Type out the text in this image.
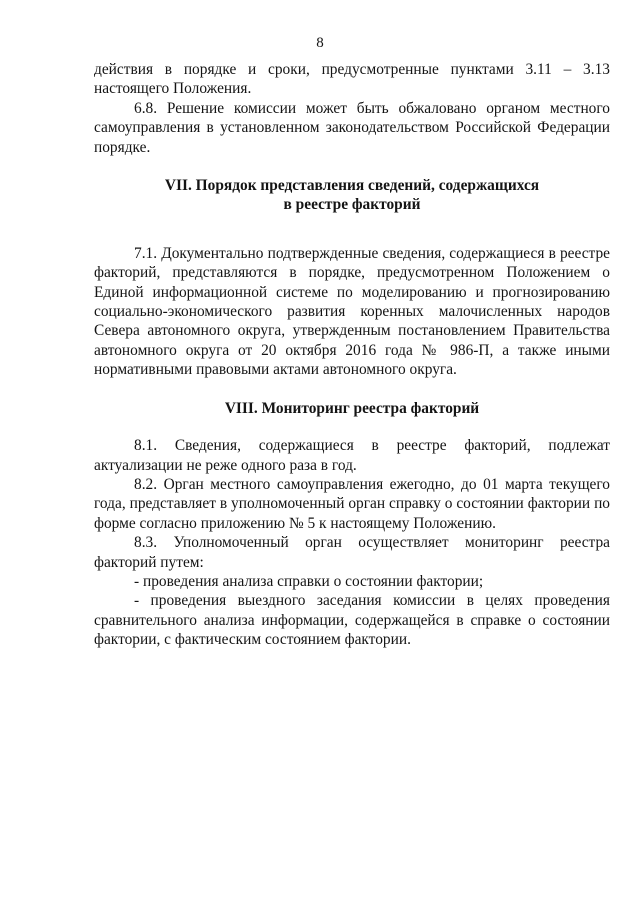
8

действия в порядке и сроки, предусмотренные пунктами 3.11 – 3.13 настоящего Положения.

6.8. Решение комиссии может быть обжаловано органом местного самоуправления в установленном законодательством Российской Федерации порядке.

VII. Порядок представления сведений, содержащихся

в реестре факторий

7.1. Документально подтвержденные сведения, содержащиеся в реестре факторий, представляются в порядке, предусмотренном Положением о Единой информационной системе по моделированию и прогнозированию социально-экономического развития коренных малочисленных народов Севера автономного округа, утвержденным постановлением Правительства автономного округа от 20 октября 2016 года № 986-П, а также иными нормативными правовыми актами автономного округа.

VIII. Мониторинг реестра факторий

8.1. Сведения, содержащиеся в реестре факторий, подлежат актуализации не реже одного раза в год.

8.2. Орган местного самоуправления ежегодно, до 01 марта текущего года, представляет в уполномоченный орган справку о состоянии фактории по форме согласно приложению № 5 к настоящему Положению.

8.3. Уполномоченный орган осуществляет мониторинг реестра факторий путем:

- проведения анализа справки о состоянии фактории;

- проведения выездного заседания комиссии в целях проведения сравнительного анализа информации, содержащейся в справке о состоянии фактории, с фактическим состоянием фактории.
